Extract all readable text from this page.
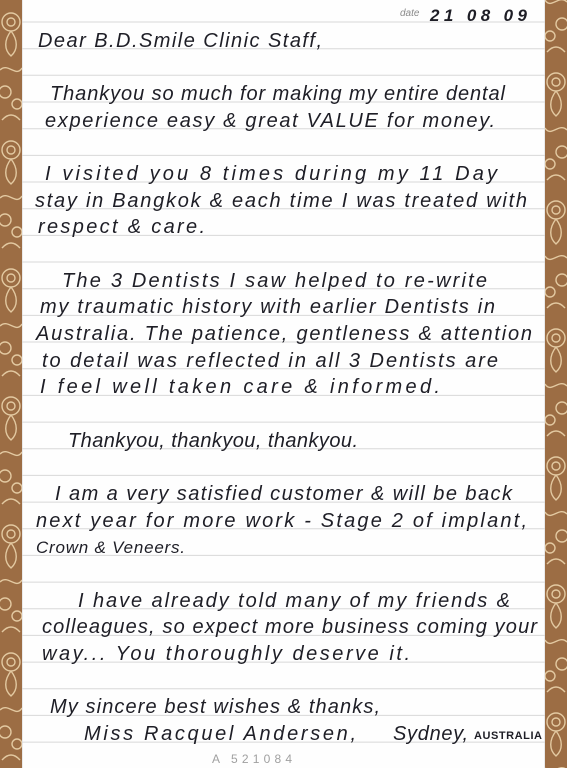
date 21 08 09
Dear B.D.Smile Clinic Staff,
Thankyou so much for making my entire dental
experience easy & great VALUE for money.
I visited you 8 times during my 11 Day
stay in Bangkok & each time I was treated with
respect & care.
The 3 Dentists I saw helped to re-write
my traumatic history with earlier Dentists in
Australia. The patience, gentleness & attention
to detail was reflected in all 3 Dentists are
I feel well taken care & informed.
Thankyou, thankyou, thankyou.
I am a very satisfied customer & will be back
next year for more work - Stage 2 of implant,
Crown & Veneers.
I have already told many of my friends &
colleagues, so expect more business coming your
way... You thoroughly deserve it.
My sincere best wishes & thanks,
Miss Racquel Andersen, Sydney, AUSTRALIA
A 521084
